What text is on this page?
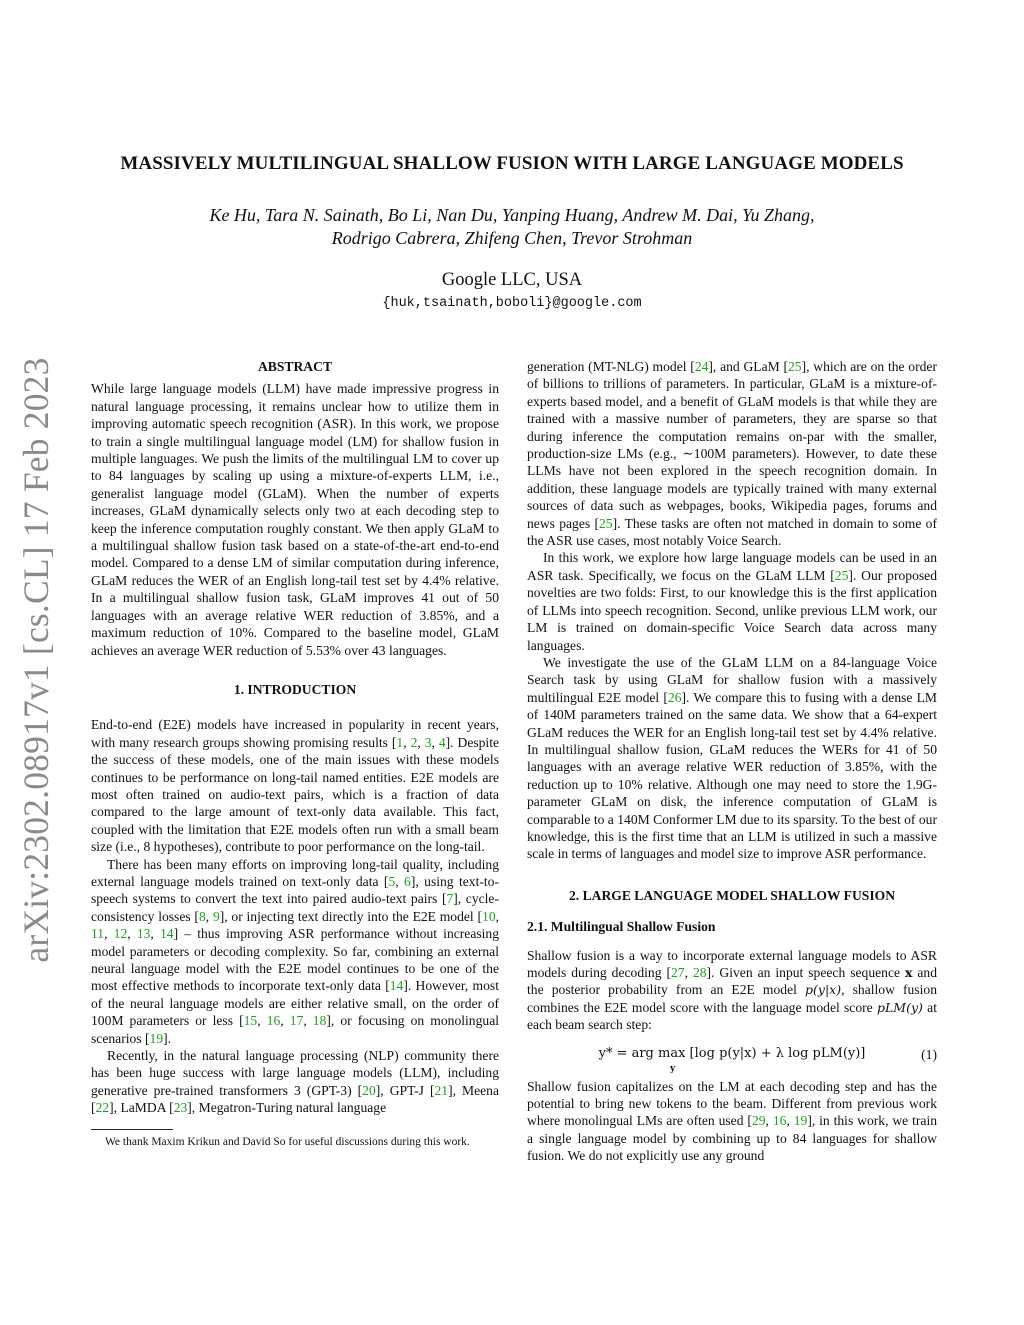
arXiv:2302.08917v1 [cs.CL] 17 Feb 2023
MASSIVELY MULTILINGUAL SHALLOW FUSION WITH LARGE LANGUAGE MODELS
Ke Hu, Tara N. Sainath, Bo Li, Nan Du, Yanping Huang, Andrew M. Dai, Yu Zhang,
Rodrigo Cabrera, Zhifeng Chen, Trevor Strohman
Google LLC, USA
{huk,tsainath,boboli}@google.com

ABSTRACT

While large language models (LLM) have made impressive progress in natural language processing, it remains unclear how to utilize them in improving automatic speech recognition (ASR). In this work, we propose to train a single multilingual language model (LM) for shallow fusion in multiple languages. We push the limits of the multilingual LM to cover up to 84 languages by scaling up using a mixture-of-experts LLM, i.e., generalist language model (GLaM). When the number of experts increases, GLaM dynamically selects only two at each decoding step to keep the inference computation roughly constant. We then apply GLaM to a multilingual shallow fusion task based on a state-of-the-art end-to-end model. Compared to a dense LM of similar computation during inference, GLaM reduces the WER of an English long-tail test set by 4.4% relative. In a multilingual shallow fusion task, GLaM improves 41 out of 50 languages with an average relative WER reduction of 3.85%, and a maximum reduction of 10%. Compared to the baseline model, GLaM achieves an average WER reduction of 5.53% over 43 languages.

1. INTRODUCTION

End-to-end (E2E) models have increased in popularity in recent years, with many research groups showing promising results [1, 2, 3, 4]. Despite the success of these models, one of the main issues with these models continues to be performance on long-tail named entities. E2E models are most often trained on audio-text pairs, which is a fraction of data compared to the large amount of text-only data available. This fact, coupled with the limitation that E2E models often run with a small beam size (i.e., 8 hypotheses), contribute to poor performance on the long-tail.

There has been many efforts on improving long-tail quality, including external language models trained on text-only data [5, 6], using text-to-speech systems to convert the text into paired audio-text pairs [7], cycle-consistency losses [8, 9], or injecting text directly into the E2E model [10, 11, 12, 13, 14] – thus improving ASR performance without increasing model parameters or decoding complexity. So far, combining an external neural language model with the E2E model continues to be one of the most effective methods to incorporate text-only data [14]. However, most of the neural language models are either relative small, on the order of 100M parameters or less [15, 16, 17, 18], or focusing on monolingual scenarios [19].

Recently, in the natural language processing (NLP) community there has been huge success with large language models (LLM), including generative pre-trained transformers 3 (GPT-3) [20], GPT-J [21], Meena [22], LaMDA [23], Megatron-Turing natural language

We thank Maxim Krikun and David So for useful discussions during this work.

generation (MT-NLG) model [24], and GLaM [25], which are on the order of billions to trillions of parameters. In particular, GLaM is a mixture-of-experts based model, and a benefit of GLaM models is that while they are trained with a massive number of parameters, they are sparse so that during inference the computation remains on-par with the smaller, production-size LMs (e.g., ∼100M parameters). However, to date these LLMs have not been explored in the speech recognition domain. In addition, these language models are typically trained with many external sources of data such as webpages, books, Wikipedia pages, forums and news pages [25]. These tasks are often not matched in domain to some of the ASR use cases, most notably Voice Search.

In this work, we explore how large language models can be used in an ASR task. Specifically, we focus on the GLaM LLM [25]. Our proposed novelties are two folds: First, to our knowledge this is the first application of LLMs into speech recognition. Second, unlike previous LLM work, our LM is trained on domain-specific Voice Search data across many languages.

We investigate the use of the GLaM LLM on a 84-language Voice Search task by using GLaM for shallow fusion with a massively multilingual E2E model [26]. We compare this to fusing with a dense LM of 140M parameters trained on the same data. We show that a 64-expert GLaM reduces the WER for an English long-tail test set by 4.4% relative. In multilingual shallow fusion, GLaM reduces the WERs for 41 of 50 languages with an average relative WER reduction of 3.85%, with the reduction up to 10% relative. Although one may need to store the 1.9G-parameter GLaM on disk, the inference computation of GLaM is comparable to a 140M Conformer LM due to its sparsity. To the best of our knowledge, this is the first time that an LLM is utilized in such a massive scale in terms of languages and model size to improve ASR performance.

2. LARGE LANGUAGE MODEL SHALLOW FUSION

2.1. Multilingual Shallow Fusion

Shallow fusion is a way to incorporate external language models to ASR models during decoding [27, 28]. Given an input speech sequence x and the posterior probability from an E2E model p(y|x), shallow fusion combines the E2E model score with the language model score pLM(y) at each beam search step:

y* = arg max [log p(y|x) + λ log pLM(y)]	(1)
y

Shallow fusion capitalizes on the LM at each decoding step and has the potential to bring new tokens to the beam. Different from previous work where monolingual LMs are often used [29, 16, 19], in this work, we train a single language model by combining up to 84 languages for shallow fusion. We do not explicitly use any ground
